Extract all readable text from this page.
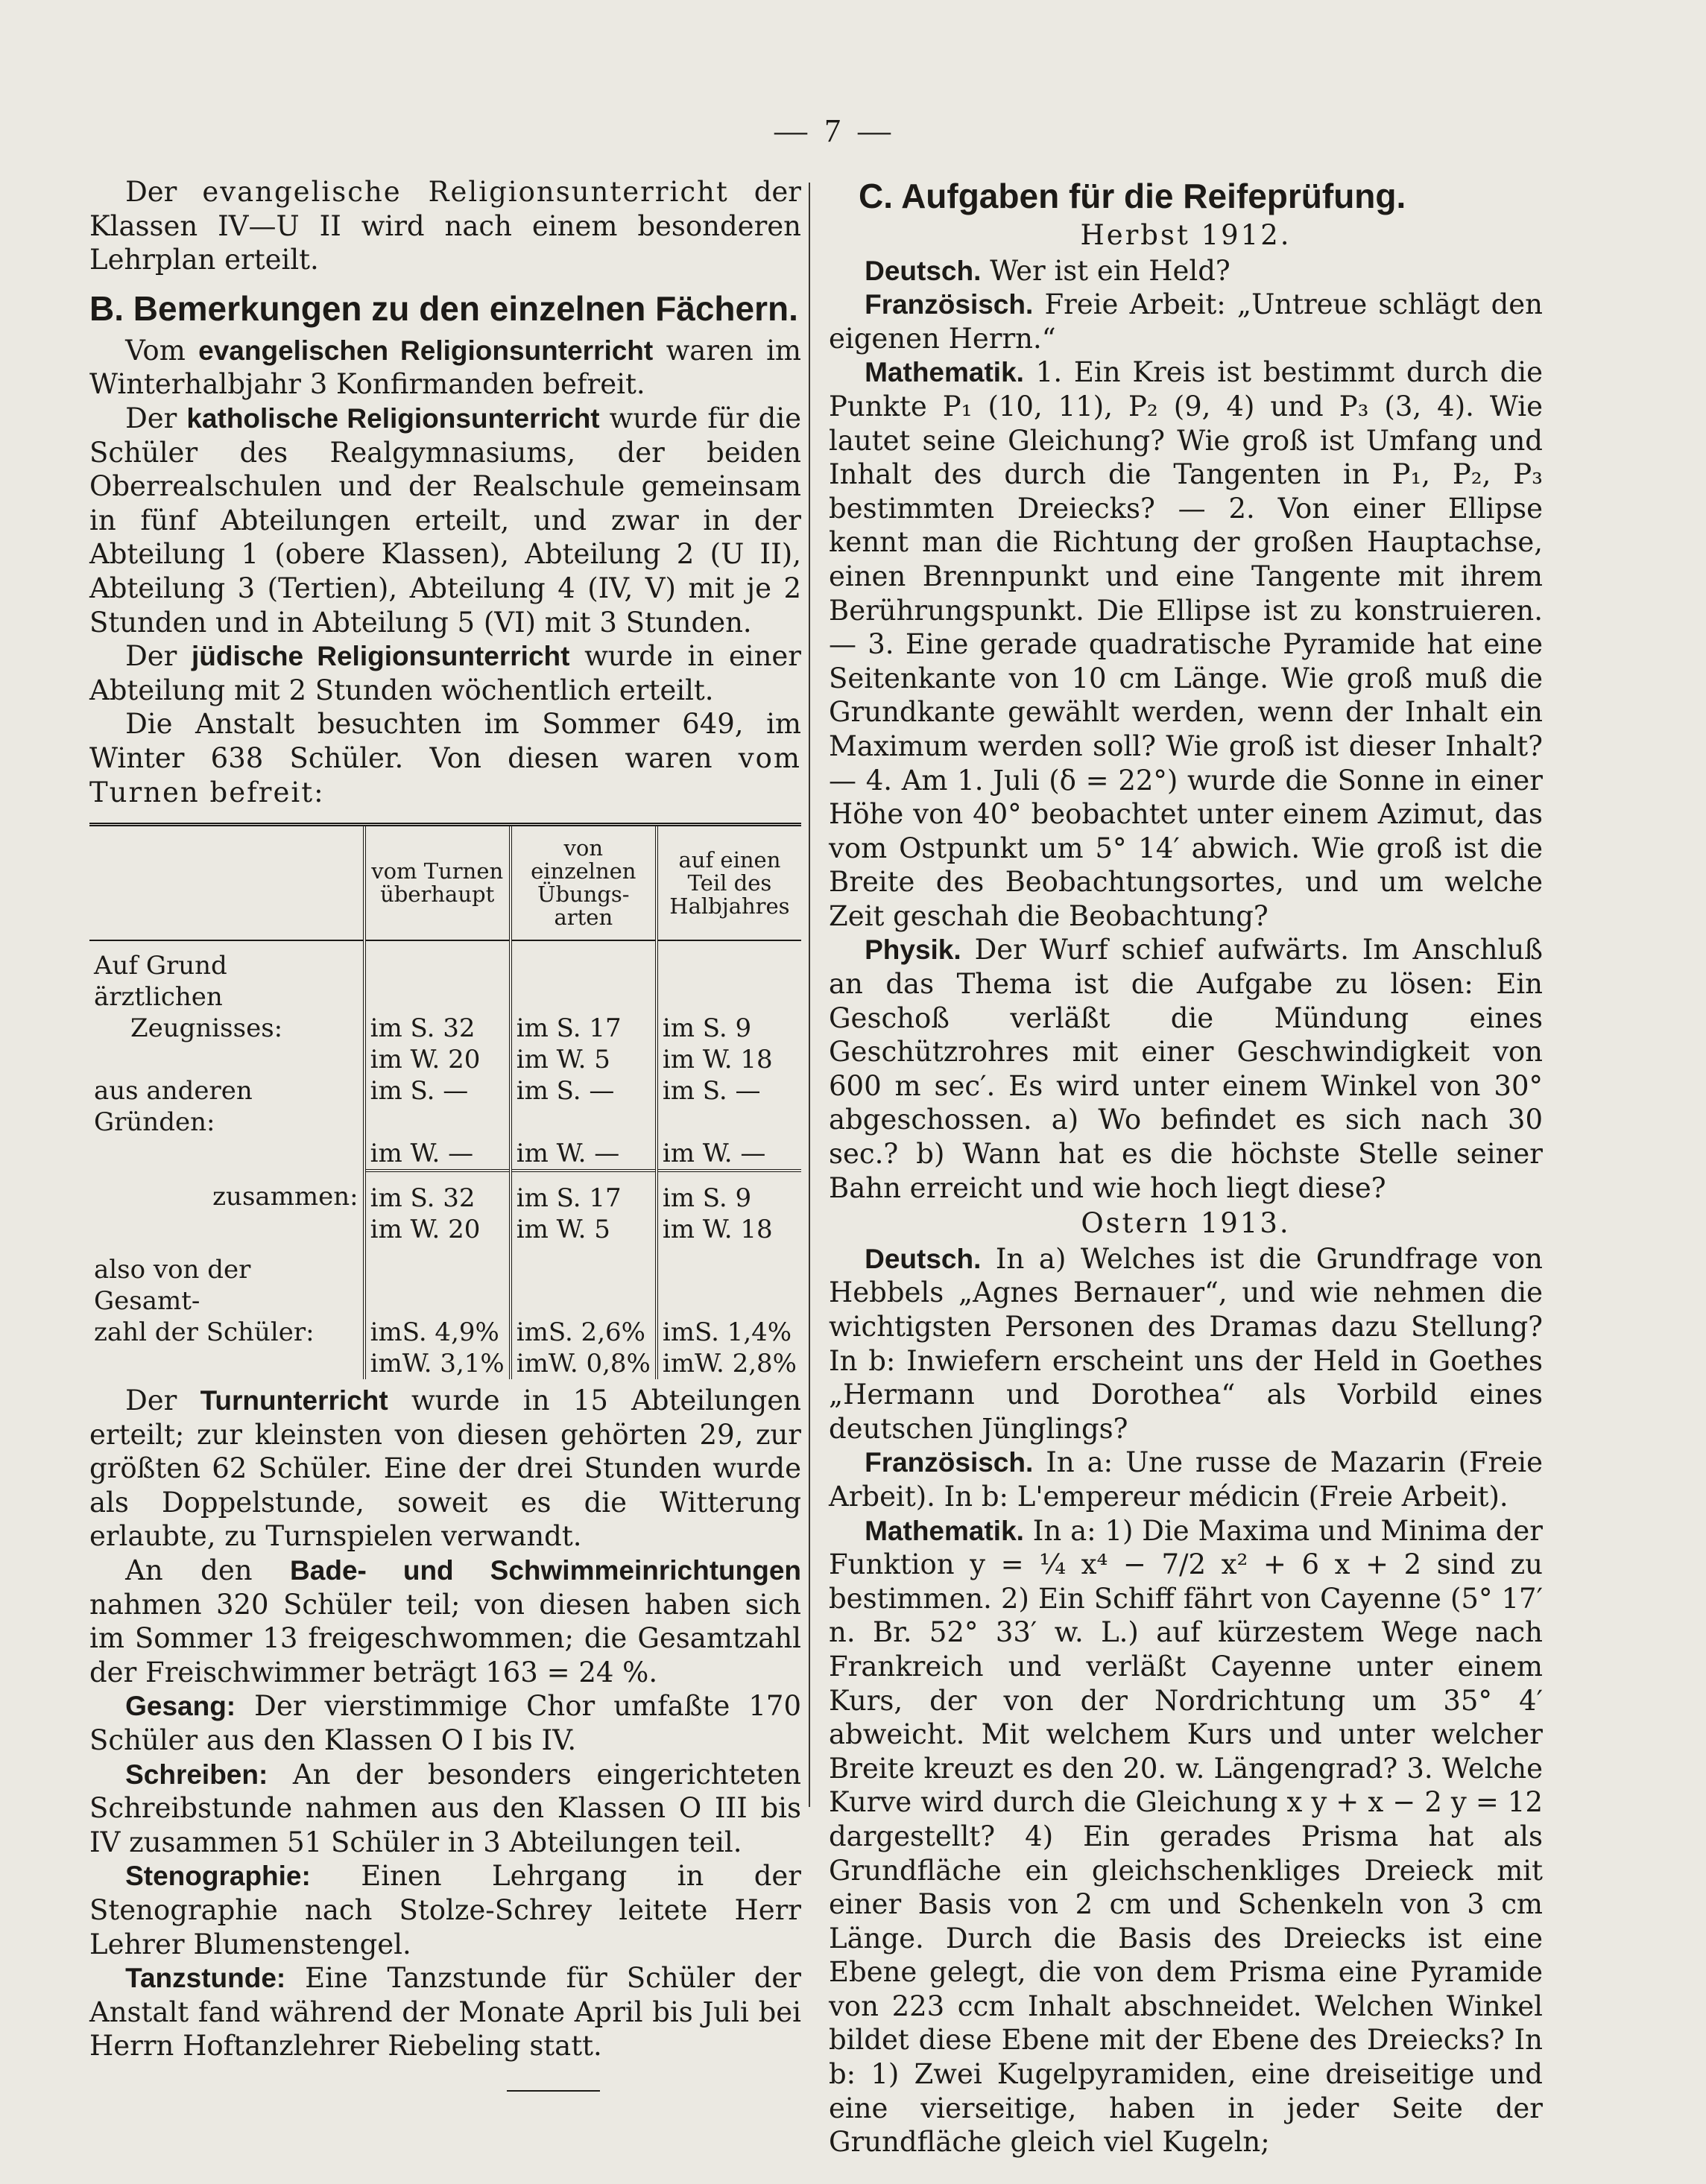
— 7 —

Der evangelische Religionsunterricht der Klassen IV—U II wird nach einem besonderen Lehrplan erteilt.

B. Bemerkungen zu den einzelnen Fächern.

Vom evangelischen Religionsunterricht waren im Winterhalbjahr 3 Konfirmanden befreit.

Der katholische Religionsunterricht wurde für die Schüler des Realgymnasiums, der beiden Oberrealschulen und der Realschule gemeinsam in fünf Abteilungen erteilt, und zwar in der Abteilung 1 (obere Klassen), Abteilung 2 (U II), Abteilung 3 (Tertien), Abteilung 4 (IV, V) mit je 2 Stunden und in Abteilung 5 (VI) mit 3 Stunden.

Der jüdische Religionsunterricht wurde in einer Abteilung mit 2 Stunden wöchentlich erteilt.

Die Anstalt besuchten im Sommer 649, im Winter 638 Schüler. Von diesen waren vom Turnen befreit:

	vom Turnen überhaupt	von einzelnen Übungs-arten	auf einen Teil des Halbjahres

Auf Grund ärztlichen			
Zeugnisses:	im S. 32	im S. 17	im S. 9
	im W. 20	im W. 5	im W. 18
aus anderen Gründen:	im S. —	im S. —	im S. —
	im W. —	im W. —	im W. —
zusammen:	im S. 32	im S. 17	im S. 9
	im W. 20	im W. 5	im W. 18

also von der Gesamt-			
zahl der Schüler:	imS. 4,9%	imS. 2,6%	imS. 1,4%
	imW. 3,1%	imW. 0,8%	imW. 2,8%

Der Turnunterricht wurde in 15 Abteilungen erteilt; zur kleinsten von diesen gehörten 29, zur größten 62 Schüler. Eine der drei Stunden wurde als Doppelstunde, soweit es die Witterung erlaubte, zu Turnspielen verwandt.

An den Bade- und Schwimmeinrichtungen nahmen 320 Schüler teil; von diesen haben sich im Sommer 13 freigeschwommen; die Gesamtzahl der Freischwimmer beträgt 163 = 24 %.

Gesang: Der vierstimmige Chor umfaßte 170 Schüler aus den Klassen O I bis IV.

Schreiben: An der besonders eingerichteten Schreibstunde nahmen aus den Klassen O III bis IV zusammen 51 Schüler in 3 Abteilungen teil.

Stenographie: Einen Lehrgang in der Stenographie nach Stolze-Schrey leitete Herr Lehrer Blumenstengel.

Tanzstunde: Eine Tanzstunde für Schüler der Anstalt fand während der Monate April bis Juli bei Herrn Hoftanzlehrer Riebeling statt.

C. Aufgaben für die Reifeprüfung.

Herbst 1912.

Deutsch. Wer ist ein Held?

Französisch. Freie Arbeit: „Untreue schlägt den eigenen Herrn.“

Mathematik. 1. Ein Kreis ist bestimmt durch die Punkte P₁ (10, 11), P₂ (9, 4) und P₃ (3, 4). Wie lautet seine Gleichung? Wie groß ist Umfang und Inhalt des durch die Tangenten in P₁, P₂, P₃ bestimmten Dreiecks? — 2. Von einer Ellipse kennt man die Richtung der großen Hauptachse, einen Brennpunkt und eine Tangente mit ihrem Berührungspunkt. Die Ellipse ist zu konstruieren. — 3. Eine gerade quadratische Pyramide hat eine Seitenkante von 10 cm Länge. Wie groß muß die Grundkante gewählt werden, wenn der Inhalt ein Maximum werden soll? Wie groß ist dieser Inhalt? — 4. Am 1. Juli (δ = 22°) wurde die Sonne in einer Höhe von 40° beobachtet unter einem Azimut, das vom Ostpunkt um 5° 14′ abwich. Wie groß ist die Breite des Beobachtungsortes, und um welche Zeit geschah die Beobachtung?

Physik. Der Wurf schief aufwärts. Im Anschluß an das Thema ist die Aufgabe zu lösen: Ein Geschoß verläßt die Mündung eines Geschützrohres mit einer Geschwindigkeit von 600 m sec′. Es wird unter einem Winkel von 30° abgeschossen. a) Wo befindet es sich nach 30 sec.? b) Wann hat es die höchste Stelle seiner Bahn erreicht und wie hoch liegt diese?

Ostern 1913.

Deutsch. In a) Welches ist die Grundfrage von Hebbels „Agnes Bernauer“, und wie nehmen die wichtigsten Personen des Dramas dazu Stellung? In b: Inwiefern erscheint uns der Held in Goethes „Hermann und Dorothea“ als Vorbild eines deutschen Jünglings?

Französisch. In a: Une russe de Mazarin (Freie Arbeit). In b: L'empereur médicin (Freie Arbeit).

Mathematik. In a: 1) Die Maxima und Minima der Funktion y = ¼ x⁴ − 7/2 x² + 6 x + 2 sind zu bestimmen. 2) Ein Schiff fährt von Cayenne (5° 17′ n. Br. 52° 33′ w. L.) auf kürzestem Wege nach Frankreich und verläßt Cayenne unter einem Kurs, der von der Nordrichtung um 35° 4′ abweicht. Mit welchem Kurs und unter welcher Breite kreuzt es den 20. w. Längengrad? 3. Welche Kurve wird durch die Gleichung x y + x − 2 y = 12 dargestellt? 4) Ein gerades Prisma hat als Grundfläche ein gleichschenkliges Dreieck mit einer Basis von 2 cm und Schenkeln von 3 cm Länge. Durch die Basis des Dreiecks ist eine Ebene gelegt, die von dem Prisma eine Pyramide von 223 ccm Inhalt abschneidet. Welchen Winkel bildet diese Ebene mit der Ebene des Dreiecks? In b: 1) Zwei Kugelpyramiden, eine dreiseitige und eine vierseitige, haben in jeder Seite der Grundfläche gleich viel Kugeln;
